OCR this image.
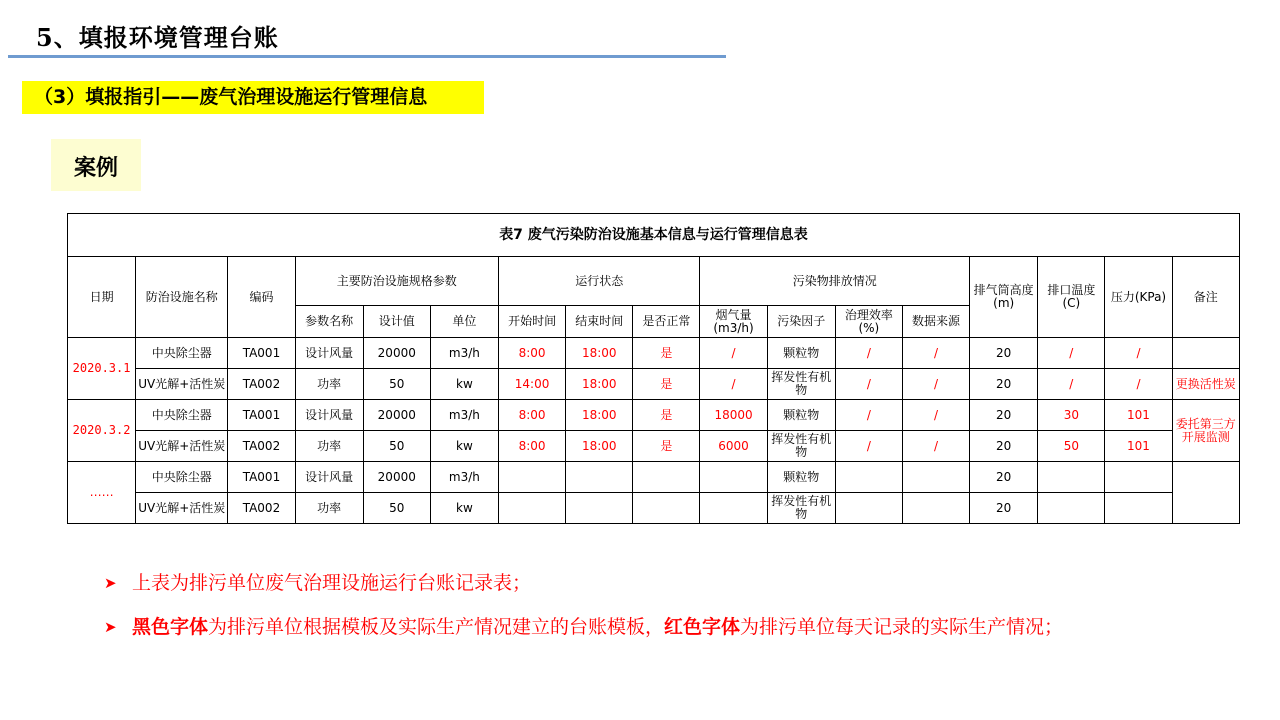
5、填报环境管理台账
（3）填报指引——废气治理设施运行管理信息
案例
表7 废气污染防治设施基本信息与运行管理信息表																
日期	防治设施名称	编码	主要防治设施规格参数			运行状态			污染物排放情况				排气筒高度(m)	排口温度(C)	压力(KPa)	备注
			参数名称	设计值	单位	开始时间	结束时间	是否正常	烟气量(m3/h)	污染因子	治理效率(%)	数据来源				
2020.3.1	中央除尘器	TA001	设计风量	20000	m3/h	8:00	18:00	是	/	颗粒物	/	/	20	/	/	
	UV光解+活性炭	TA002	功率	50	kw	14:00	18:00	是	/	挥发性有机物	/	/	20	/	/	更换活性炭
2020.3.2	中央除尘器	TA001	设计风量	20000	m3/h	8:00	18:00	是	18000	颗粒物	/	/	20	30	101	委托第三方开展监测
	UV光解+活性炭	TA002	功率	50	kw	8:00	18:00	是	6000	挥发性有机物	/	/	20	50	101	
……	中央除尘器	TA001	设计风量	20000	m3/h					颗粒物			20			
	UV光解+活性炭	TA002	功率	50	kw					挥发性有机物			20			
➤ 上表为排污单位废气治理设施运行台账记录表；
➤ 黑色字体为排污单位根据模板及实际生产情况建立的台账模板，红色字体为排污单位每天记录的实际生产情况；
